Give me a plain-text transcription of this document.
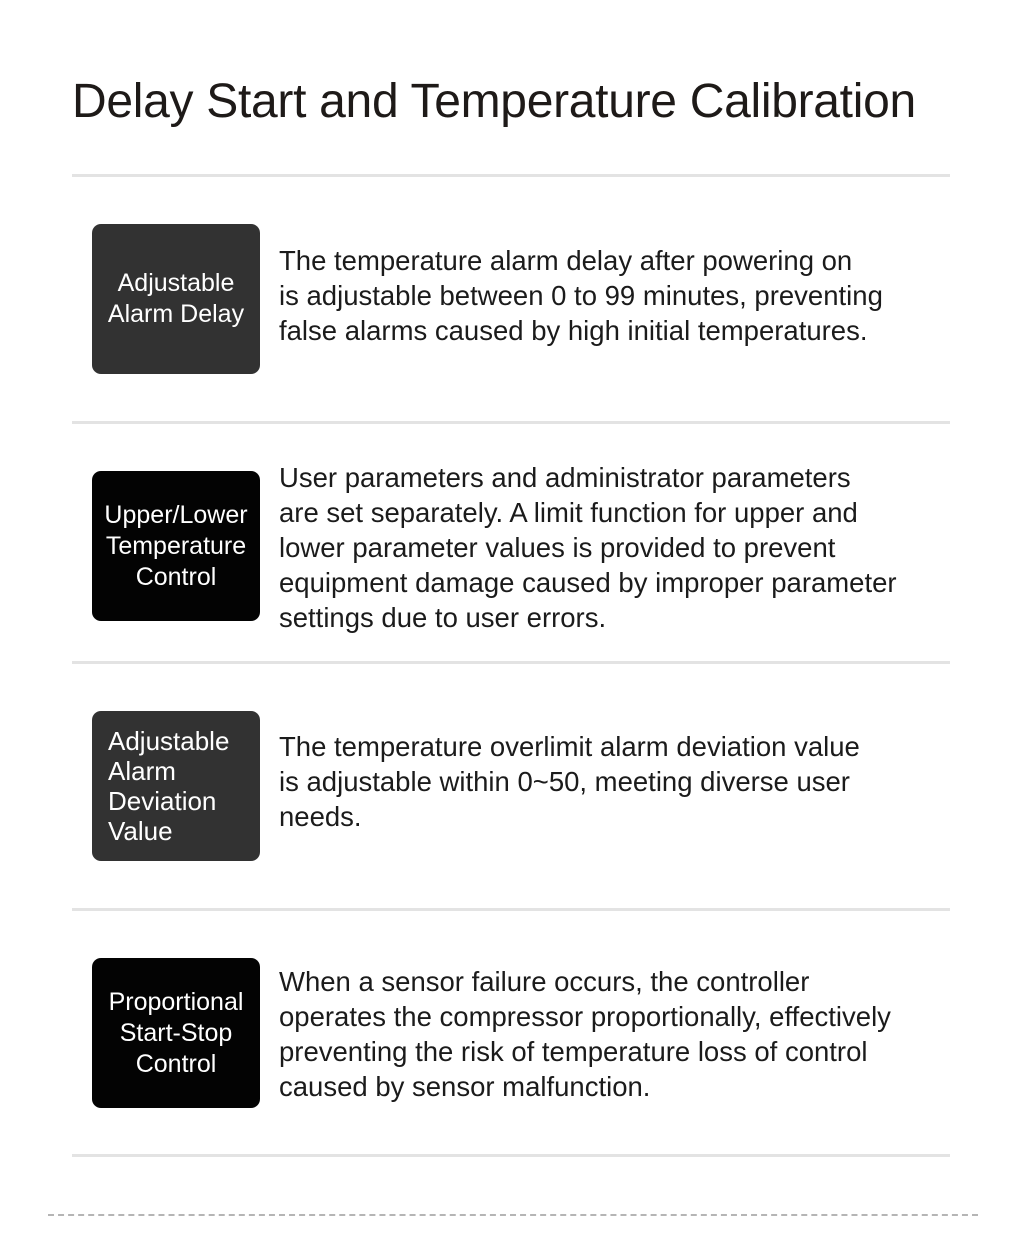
Delay Start and Temperature Calibration
Adjustable
Alarm Delay
The temperature alarm delay after powering on
is adjustable between 0 to 99 minutes, preventing
false alarms caused by high initial temperatures.
Upper/Lower
Temperature
Control
User parameters and administrator parameters
are set separately. A limit function for upper and
lower parameter values is provided to prevent
equipment damage caused by improper parameter
settings due to user errors.
Adjustable
Alarm
Deviation
Value
The temperature overlimit alarm deviation value
is adjustable within 0~50, meeting diverse user
needs.
Proportional
Start-Stop
Control
When a sensor failure occurs, the controller
operates the compressor proportionally, effectively
preventing the risk of temperature loss of control
caused by sensor malfunction.
